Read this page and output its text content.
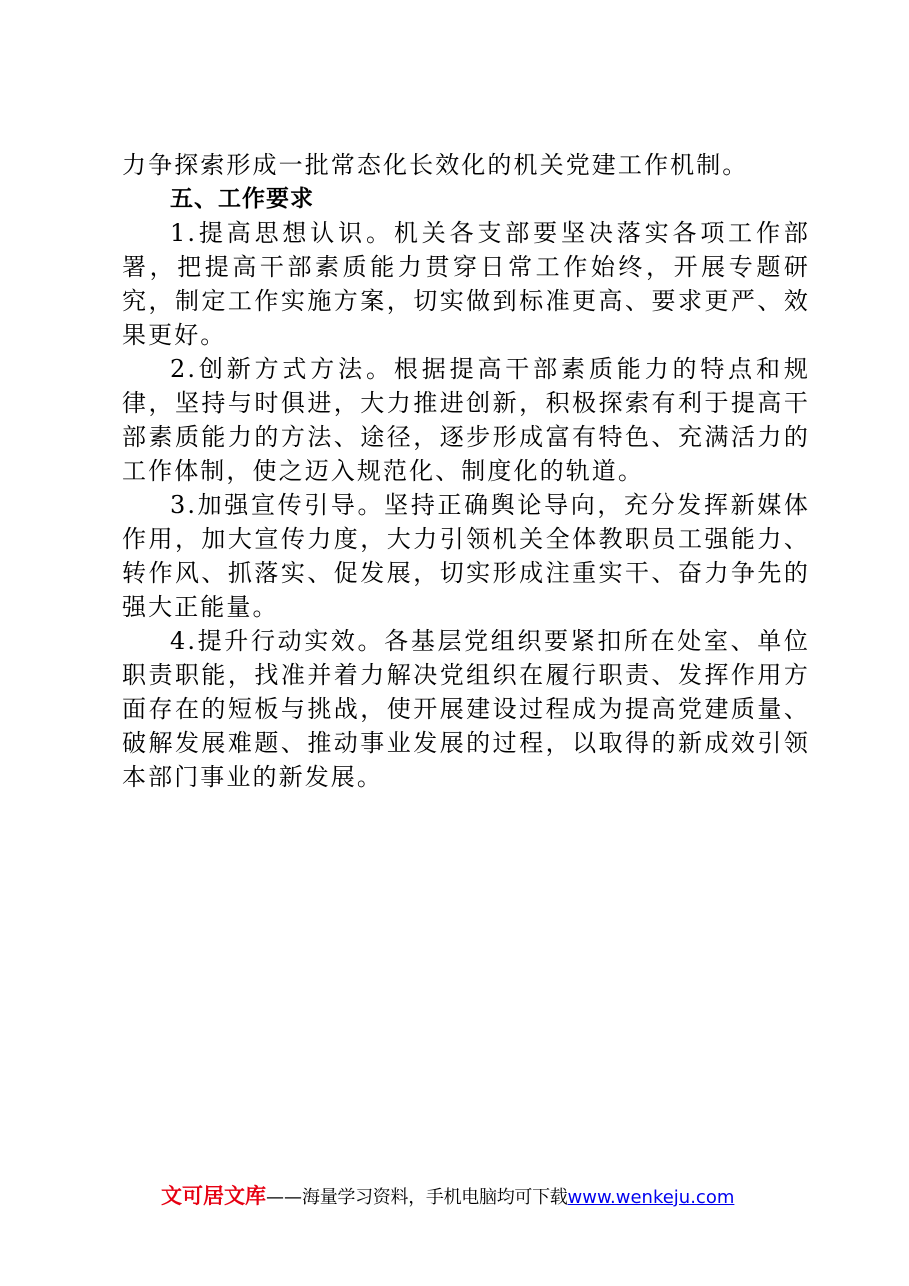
力争探索形成一批常态化长效化的机关党建工作机制。

五、工作要求

1.提高思想认识。机关各支部要坚决落实各项工作部署，把提高干部素质能力贯穿日常工作始终，开展专题研究，制定工作实施方案，切实做到标准更高、要求更严、效果更好。

2.创新方式方法。根据提高干部素质能力的特点和规律，坚持与时俱进，大力推进创新，积极探索有利于提高干部素质能力的方法、途径，逐步形成富有特色、充满活力的工作体制，使之迈入规范化、制度化的轨道。

3.加强宣传引导。坚持正确舆论导向，充分发挥新媒体作用，加大宣传力度，大力引领机关全体教职员工强能力、转作风、抓落实、促发展，切实形成注重实干、奋力争先的强大正能量。

4.提升行动实效。各基层党组织要紧扣所在处室、单位职责职能，找准并着力解决党组织在履行职责、发挥作用方面存在的短板与挑战，使开展建设过程成为提高党建质量、破解发展难题、推动事业发展的过程，以取得的新成效引领本部门事业的新发展。

文可居文库——海量学习资料，手机电脑均可下载www.wenkeju.com
